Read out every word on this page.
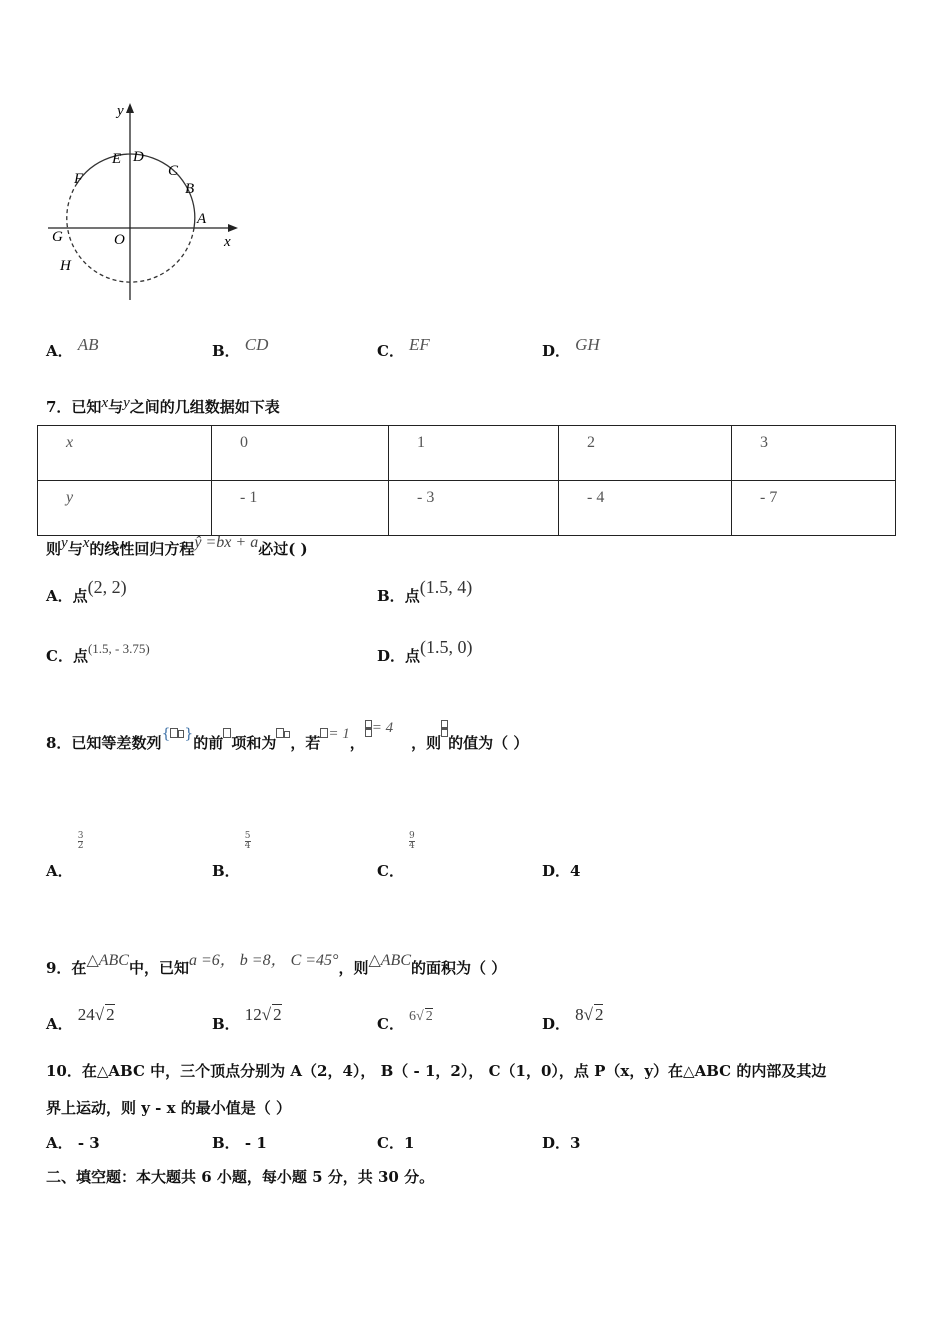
y
x
O
A
B
C
D
E
F
G
H
A． AB	B． CD	C． EF	D． GH
7．已知x与y之间的几组数据如下表
x	0	1	2	3
y	- 1	- 3	- 4	- 7
则y与x的线性回归方程ŷ =bx + a必过( )
A．点(2, 2)	B．点(1.5, 4)
C．点$^{(1.5, - 3.75)}$	D．点(1.5, 0)
8．已知等差数列{ }的前 项和为 ，若 = 1，
= 4，则 的值为（ ）
A．
$\frac{3}{2}$
B．
$\frac{5}{4}$
C．
$\frac{9}{4}$
D．4
9．在△ABC中，已知a =6， b =8， C =45°，则△ABC的面积为（ ）
A． 24√ 2	B． 12√ 2	C． 6√ 2	D． 8√ 2
10．在△ABC 中，三个顶点分别为 A（2，4）， B（ - 1，2）， C（1，0），点 P（x，y）在△ABC 的内部及其边
界上运动，则 y - x 的最小值是（ ）
A． - 3	B． - 1	C．1	D．3
二、填空题：本大题共 6 小题，每小题 5 分，共 30 分。
